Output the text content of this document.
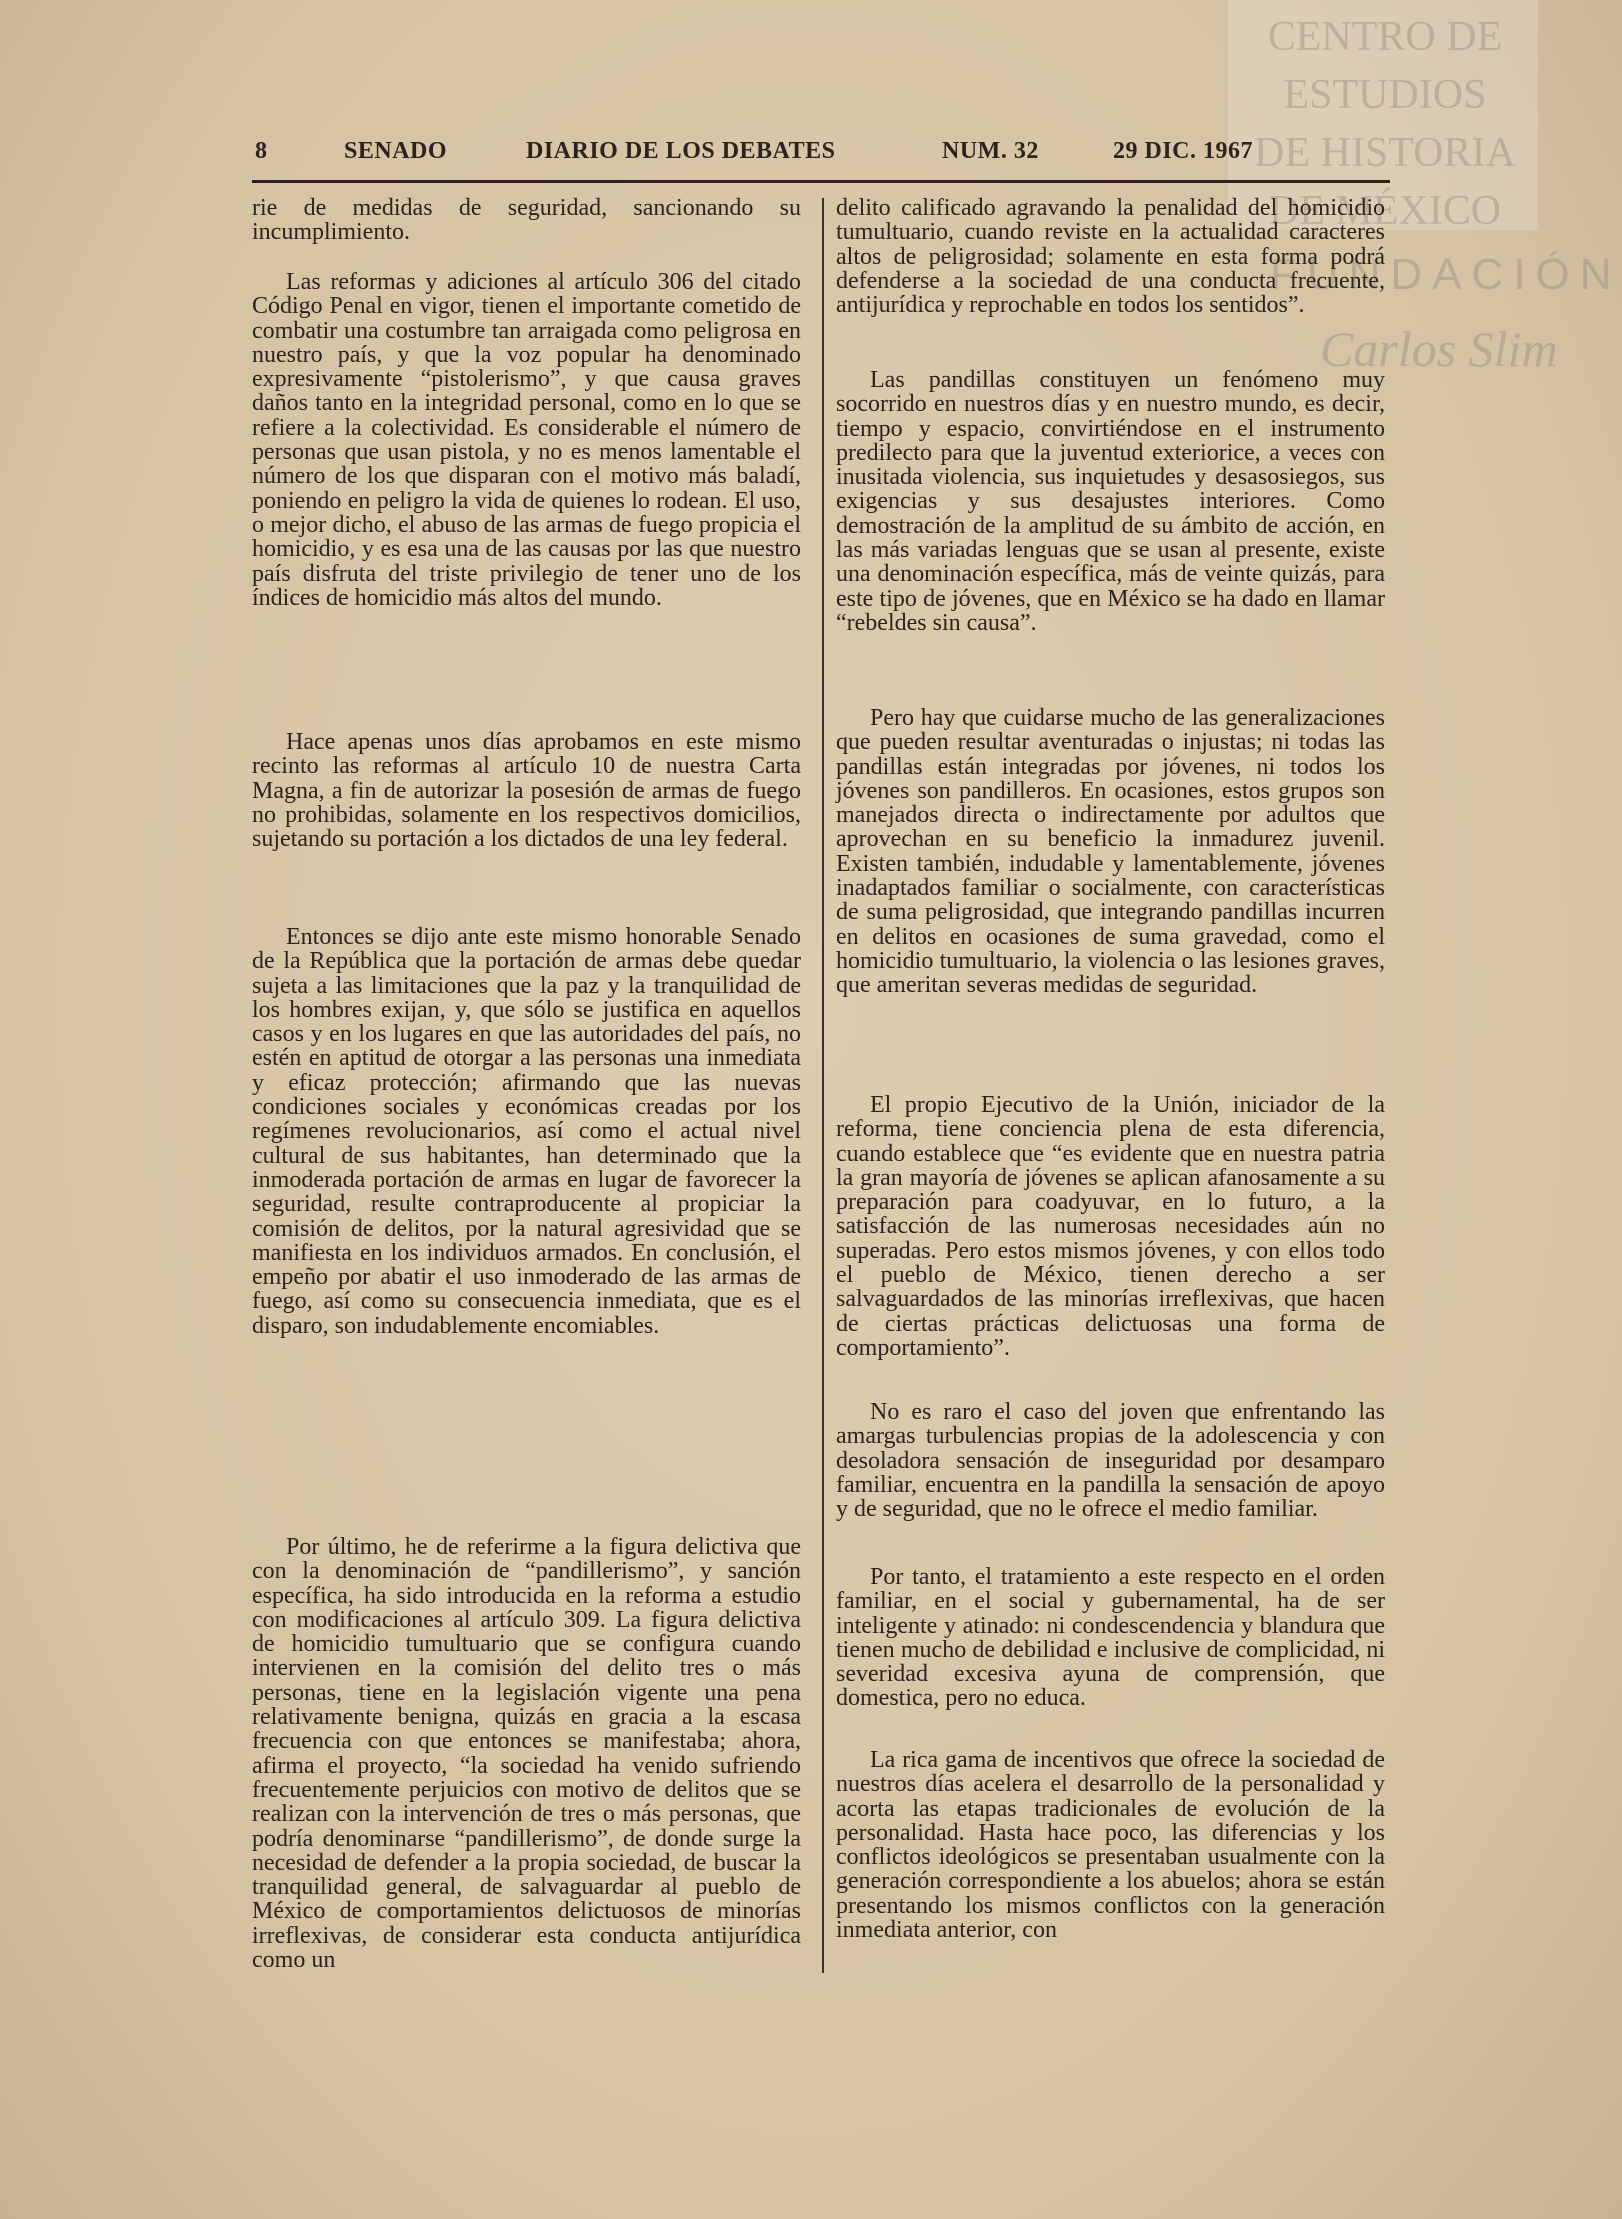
CENTRO DE
ESTUDIOS
DE HISTORIA
DE MÉXICO
FUNDACIÓN
Carlos Slim
8	SENADO	DIARIO DE LOS DEBATES	NUM. 32	29 DIC. 1967

rie de medidas de seguridad, sancionando su incumplimiento.

Las reformas y adiciones al artículo 306 del citado Código Penal en vigor, tienen el importante cometido de combatir una costumbre tan arraigada como peligrosa en nuestro país, y que la voz popular ha denominado expresivamente “pistolerismo”, y que causa graves daños tanto en la integridad personal, como en lo que se refiere a la colectividad. Es considerable el número de personas que usan pistola, y no es menos lamentable el número de los que disparan con el motivo más baladí, poniendo en peligro la vida de quienes lo rodean. El uso, o mejor dicho, el abuso de las armas de fuego propicia el homicidio, y es esa una de las causas por las que nuestro país disfruta del triste privilegio de tener uno de los índices de homicidio más altos del mundo.

Hace apenas unos días aprobamos en este mismo recinto las reformas al artículo 10 de nuestra Carta Magna, a fin de autorizar la posesión de armas de fuego no prohibidas, solamente en los respectivos domicilios, sujetando su portación a los dictados de una ley federal.

Entonces se dijo ante este mismo honorable Senado de la República que la portación de armas debe quedar sujeta a las limitaciones que la paz y la tranquilidad de los hombres exijan, y, que sólo se justifica en aquellos casos y en los lugares en que las autoridades del país, no estén en aptitud de otorgar a las personas una inmediata y eficaz protección; afirmando que las nuevas condiciones sociales y económicas creadas por los regímenes revolucionarios, así como el actual nivel cultural de sus habitantes, han determinado que la inmoderada portación de armas en lugar de favorecer la seguridad, resulte contraproducente al propiciar la comisión de delitos, por la natural agresividad que se manifiesta en los individuos armados. En conclusión, el empeño por abatir el uso inmoderado de las armas de fuego, así como su consecuencia inmediata, que es el disparo, son indudablemente encomiables.

Por último, he de referirme a la figura delictiva que con la denominación de “pandillerismo”, y sanción específica, ha sido introducida en la reforma a estudio con modificaciones al artículo 309. La figura delictiva de homicidio tumultuario que se configura cuando intervienen en la comisión del delito tres o más personas, tiene en la legislación vigente una pena relativamente benigna, quizás en gracia a la escasa frecuencia con que entonces se manifestaba; ahora, afirma el proyecto, “la sociedad ha venido sufriendo frecuentemente perjuicios con motivo de delitos que se realizan con la intervención de tres o más personas, que podría denominarse “pandillerismo”, de donde surge la necesidad de defender a la propia sociedad, de buscar la tranquilidad general, de salvaguardar al pueblo de México de comportamientos delictuosos de minorías irreflexivas, de considerar esta conducta antijurídica como un

delito calificado agravando la penalidad del homicidio tumultuario, cuando reviste en la actualidad caracteres altos de peligrosidad; solamente en esta forma podrá defenderse a la sociedad de una conducta frecuente, antijurídica y reprochable en todos los sentidos”.

Las pandillas constituyen un fenómeno muy socorrido en nuestros días y en nuestro mundo, es decir, tiempo y espacio, convirtiéndose en el instrumento predilecto para que la juventud exteriorice, a veces con inusitada violencia, sus inquietudes y desasosiegos, sus exigencias y sus desajustes interiores. Como demostración de la amplitud de su ámbito de acción, en las más variadas lenguas que se usan al presente, existe una denominación específica, más de veinte quizás, para este tipo de jóvenes, que en México se ha dado en llamar “rebeldes sin causa”.

Pero hay que cuidarse mucho de las generalizaciones que pueden resultar aventuradas o injustas; ni todas las pandillas están integradas por jóvenes, ni todos los jóvenes son pandilleros. En ocasiones, estos grupos son manejados directa o indirectamente por adultos que aprovechan en su beneficio la inmadurez juvenil. Existen también, indudable y lamentablemente, jóvenes inadaptados familiar o socialmente, con características de suma peligrosidad, que integrando pandillas incurren en delitos en ocasiones de suma gravedad, como el homicidio tumultuario, la violencia o las lesiones graves, que ameritan severas medidas de seguridad.

El propio Ejecutivo de la Unión, iniciador de la reforma, tiene conciencia plena de esta diferencia, cuando establece que “es evidente que en nuestra patria la gran mayoría de jóvenes se aplican afanosamente a su preparación para coadyuvar, en lo futuro, a la satisfacción de las numerosas necesidades aún no superadas. Pero estos mismos jóvenes, y con ellos todo el pueblo de México, tienen derecho a ser salvaguardados de las minorías irreflexivas, que hacen de ciertas prácticas delictuosas una forma de comportamiento”.

No es raro el caso del joven que enfrentando las amargas turbulencias propias de la adolescencia y con desoladora sensación de inseguridad por desamparo familiar, encuentra en la pandilla la sensación de apoyo y de seguridad, que no le ofrece el medio familiar.

Por tanto, el tratamiento a este respecto en el orden familiar, en el social y gubernamental, ha de ser inteligente y atinado: ni condescendencia y blandura que tienen mucho de debilidad e inclusive de complicidad, ni severidad excesiva ayuna de comprensión, que domestica, pero no educa.

La rica gama de incentivos que ofrece la sociedad de nuestros días acelera el desarrollo de la personalidad y acorta las etapas tradicionales de evolución de la personalidad. Hasta hace poco, las diferencias y los conflictos ideológicos se presentaban usualmente con la generación correspondiente a los abuelos; ahora se están presentando los mismos conflictos con la generación inmediata anterior, con
